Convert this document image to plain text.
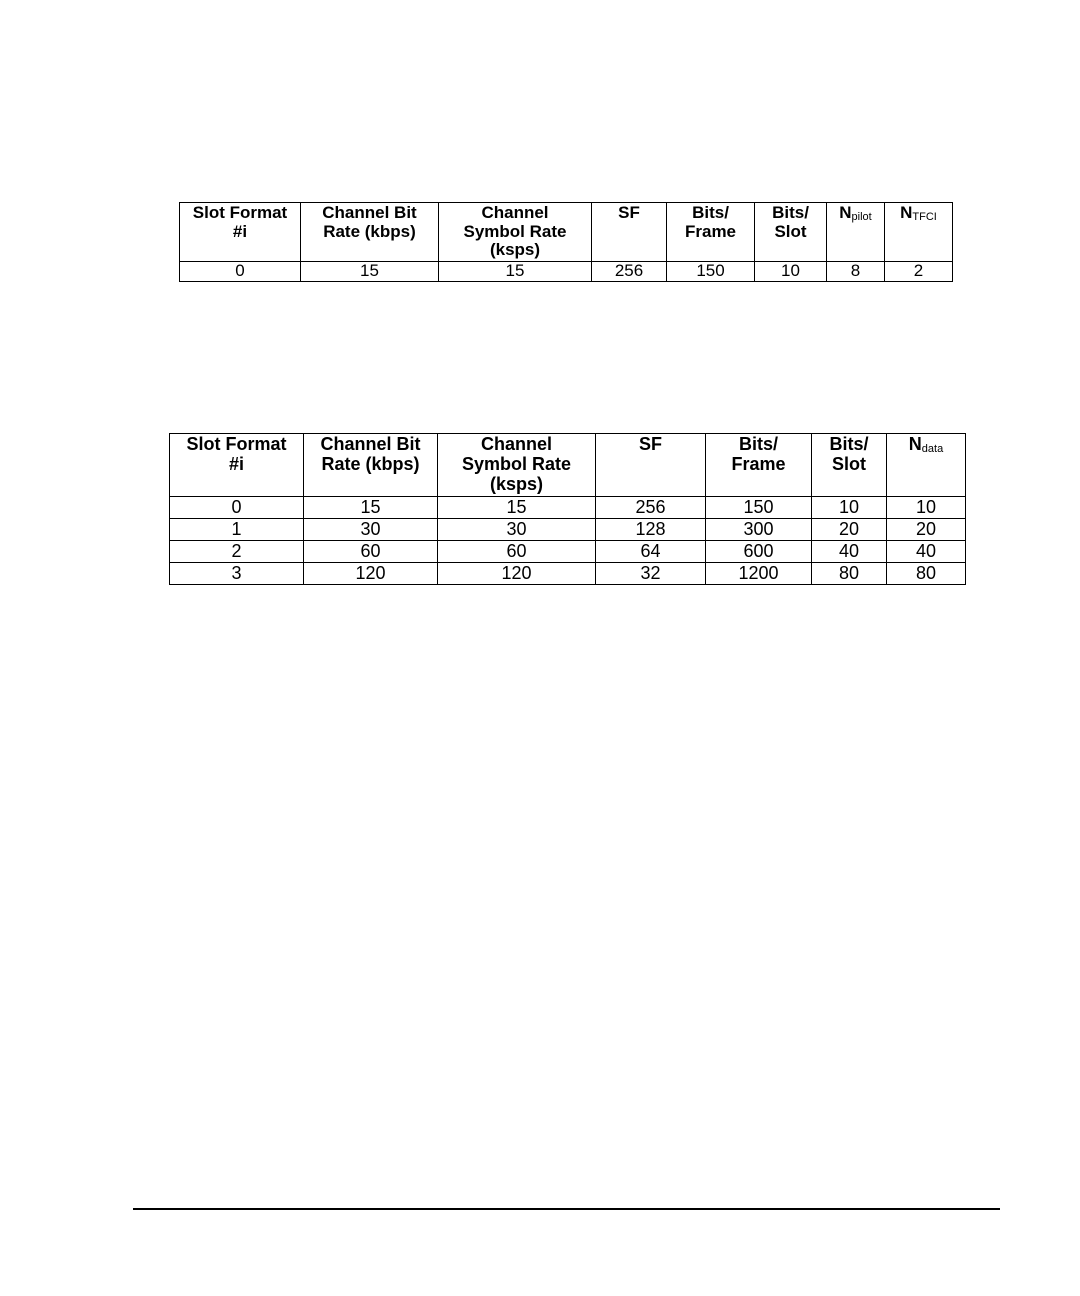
Slot Format
#i	Channel Bit
Rate (kbps)	Channel
Symbol Rate
(ksps)	SF	Bits/
Frame	Bits/
Slot	Npilot	NTFCI
0	15	15	256	150	10	8	2
Slot Format
#i	Channel Bit
Rate (kbps)	Channel
Symbol Rate
(ksps)	SF	Bits/
Frame	Bits/
Slot	Ndata
0	15	15	256	150	10	10
1	30	30	128	300	20	20
2	60	60	64	600	40	40
3	120	120	32	1200	80	80
